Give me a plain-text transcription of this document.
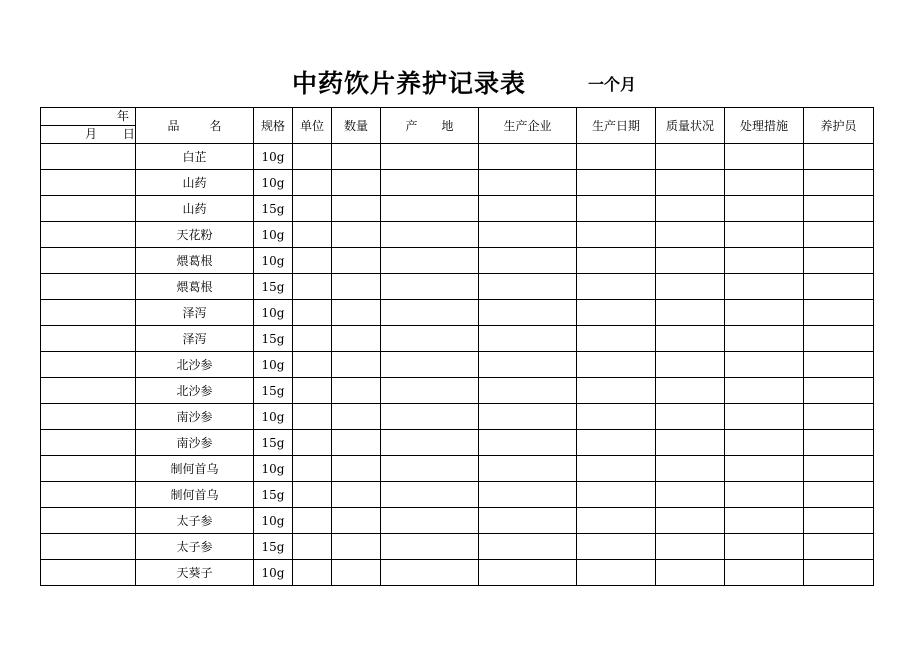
中药饮片养护记录表	一个月
年
月 日	品 名	规格	单位	数量	产 地	生产企业	生产日期	质量状况	处理措施	养护员
	白芷	10g								
	山药	10g								
	山药	15g								
	天花粉	10g								
	煨葛根	10g								
	煨葛根	15g								
	泽泻	10g								
	泽泻	15g								
	北沙参	10g								
	北沙参	15g								
	南沙参	10g								
	南沙参	15g								
	制何首乌	10g								
	制何首乌	15g								
	太子参	10g								
	太子参	15g								
	天葵子	10g								
